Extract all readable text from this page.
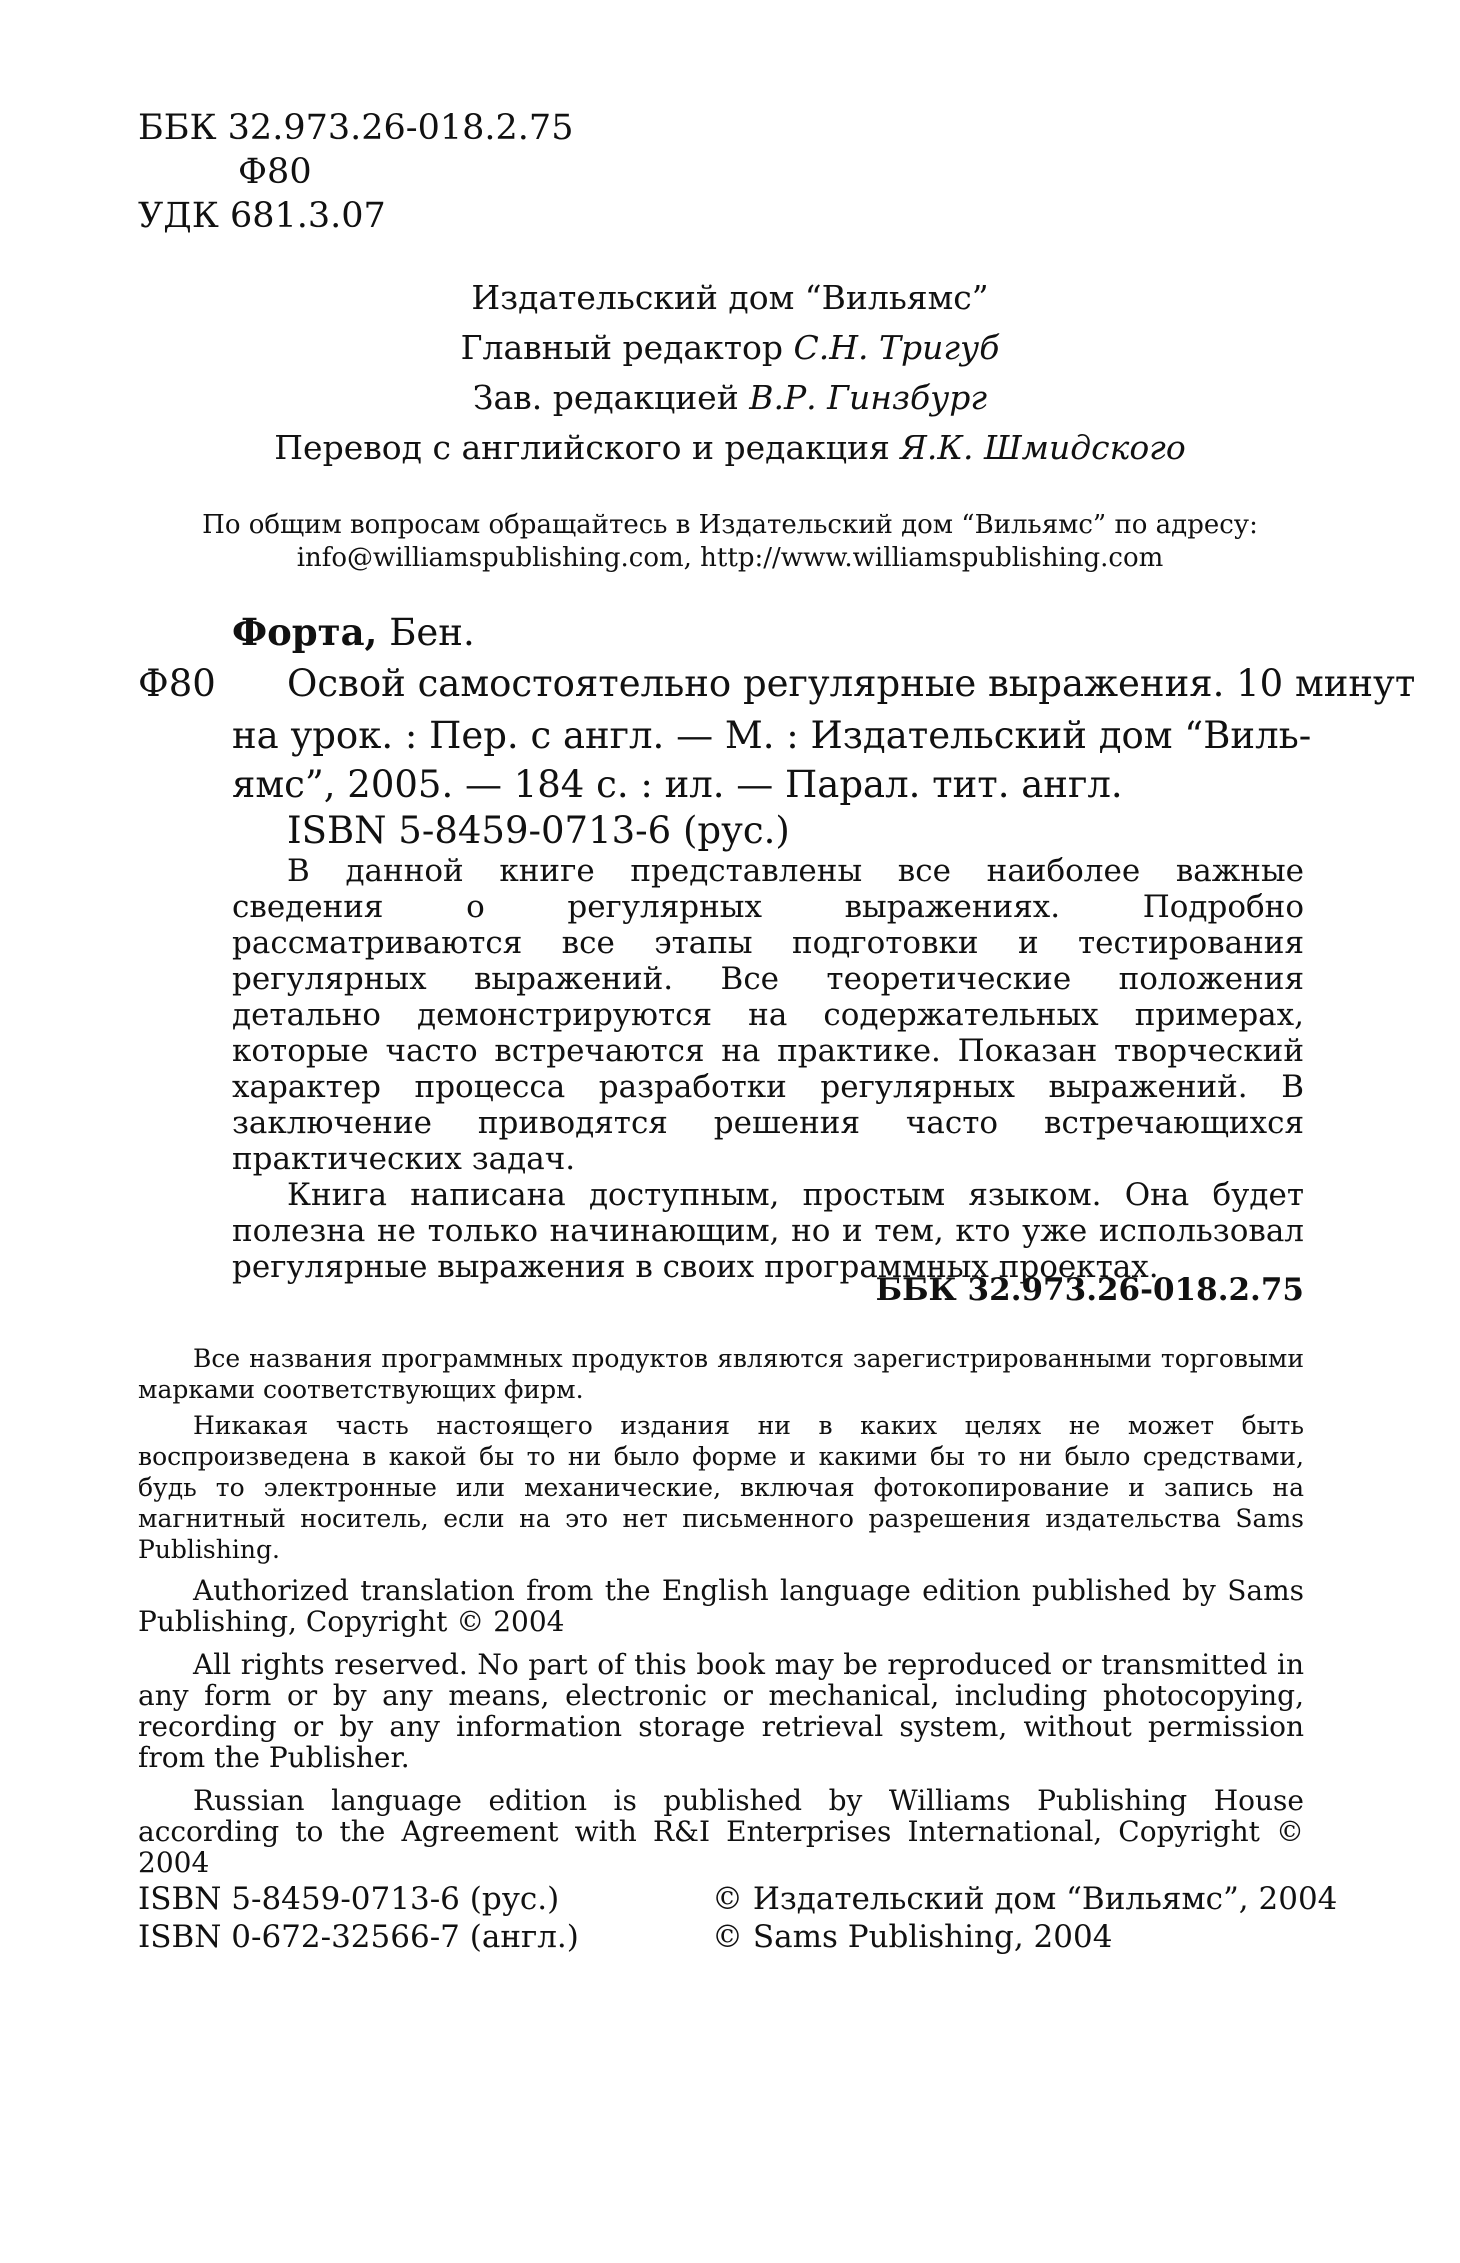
ББК 32.973.26-018.2.75
Ф80
УДК 681.3.07
Издательский дом “Вильямс”
Главный редактор С.Н. Тригуб
Зав. редакцией В.Р. Гинзбург
Перевод с английского и редакция Я.К. Шмидского
По общим вопросам обращайтесь в Издательский дом “Вильямс” по адресу:
info@williamspublishing.com, http://www.williamspublishing.com
Форта, Бен.
Ф80 Освой самостоятельно регулярные выражения. 10 минут
на урок. : Пер. с англ. — М. : Издательский дом “Виль-
ямс”, 2005. — 184 с. : ил. — Парал. тит. англ.
ISBN 5-8459-0713-6 (рус.)

В данной книге представлены все наиболее важные сведения о регулярных выражениях. Подробно рассматриваются все этапы подготовки и тестирования регулярных выражений. Все теоретические положения детально демонстрируются на содержательных примерах, которые часто встречаются на практике. Показан творческий характер процесса разработки регулярных выражений. В заключение приводятся решения часто встречающихся практических задач.

Книга написана доступным, простым языком. Она будет полезна не только начинающим, но и тем, кто уже использовал регулярные выражения в своих программных проектах.

ББК 32.973.26-018.2.75

Все названия программных продуктов являются зарегистрированными торговыми марками соответствующих фирм.

Никакая часть настоящего издания ни в каких целях не может быть воспроизведена в какой бы то ни было форме и какими бы то ни было средствами, будь то электронные или механические, включая фотокопирование и запись на магнитный носитель, если на это нет письменного разрешения издательства Sams Publishing.

Authorized translation from the English language edition published by Sams Publishing, Copyright © 2004

All rights reserved. No part of this book may be reproduced or transmitted in any form or by any means, electronic or mechanical, including photocopying, recording or by any information storage retrieval system, without permission from the Publisher.

Russian language edition is published by Williams Publishing House according to the Agreement with R&I Enterprises International, Copyright © 2004

ISBN 5-8459-0713-6 (рус.)
ISBN 0-672-32566-7 (англ.)
© Издательский дом “Вильямс”, 2004
© Sams Publishing, 2004
